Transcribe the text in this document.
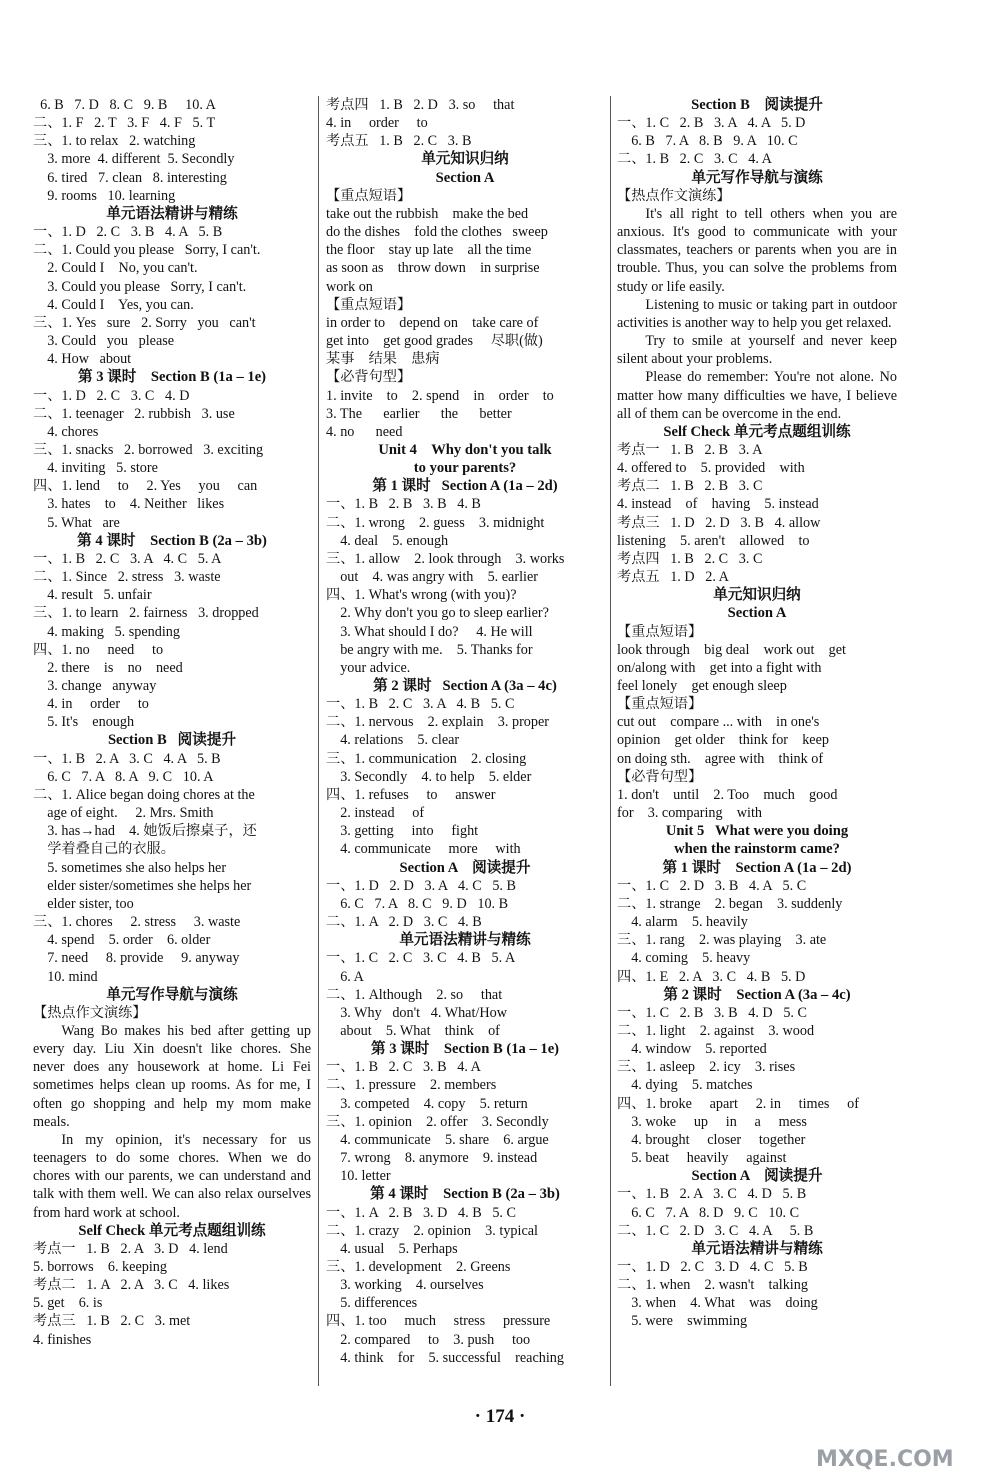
6. B   7. D   8. C   9. B     10. A
二、1. F   2. T   3. F   4. F   5. T
三、1. to relax   2. watching
3. more  4. different  5. Secondly
6. tired   7. clean   8. interesting
9. rooms   10. learning
单元语法精讲与精练
一、1. D   2. C   3. B   4. A   5. B
二、1. Could you please   Sorry, I can't.
2. Could I    No, you can't.
3. Could you please   Sorry, I can't.
4. Could I    Yes, you can.
三、1. Yes   sure   2. Sorry   you   can't
3. Could   you   please
4. How   about
第 3 课时    Section B (1a – 1e)
一、1. D   2. C   3. C   4. D
二、1. teenager   2. rubbish   3. use
4. chores
三、1. snacks   2. borrowed   3. exciting
4. inviting   5. store
四、1. lend     to     2. Yes     you     can
3. hates    to    4. Neither   likes
5. What   are
第 4 课时    Section B (2a – 3b)
一、1. B   2. C   3. A   4. C   5. A
二、1. Since   2. stress   3. waste
4. result   5. unfair
三、1. to learn   2. fairness   3. dropped
4. making   5. spending
四、1. no     need     to
2. there    is    no    need
3. change   anyway
4. in     order     to
5. It's    enough
Section B   阅读提升
一、1. B   2. A   3. C   4. A   5. B
6. C   7. A   8. A   9. C   10. A
二、1. Alice began doing chores at the
age of eight.     2. Mrs. Smith
3. has→had    4. 她饭后擦桌子，还
学着叠自己的衣服。
5. sometimes she also helps her
elder sister/sometimes she helps her
elder sister, too
三、1. chores     2. stress     3. waste
4. spend    5. order    6. older
7. need     8. provide     9. anyway
10. mind
单元写作导航与演练
【热点作文演练】
Wang Bo makes his bed after getting up every day. Liu Xin doesn't like chores. She never does any housework at home. Li Fei sometimes helps clean up rooms. As for me, I often go shopping and help my mom make meals.
In my opinion, it's necessary for us teenagers to do some chores. When we do chores with our parents, we can understand and talk with them well. We can also relax ourselves from hard work at school.
Self Check 单元考点题组训练
考点一   1. B   2. A   3. D   4. lend
5. borrows    6. keeping
考点二   1. A   2. A   3. C   4. likes
5. get    6. is
考点三   1. B   2. C   3. met
4. finishes
考点四   1. B   2. D   3. so     that
4. in     order     to
考点五   1. B   2. C   3. B
单元知识归纳
Section A
【重点短语】
take out the rubbish    make the bed
do the dishes    fold the clothes   sweep
the floor    stay up late    all the time
as soon as    throw down    in surprise
work on
【重点短语】
in order to    depend on    take care of
get into    get good grades     尽职(做)
某事    结果    患病
【必背句型】
1. invite    to    2. spend    in    order    to
3. The      earlier      the      better
4. no      need
Unit 4    Why don't you talk
to your parents?
第 1 课时   Section A (1a – 2d)
一、1. B   2. B   3. B   4. B
二、1. wrong    2. guess    3. midnight
4. deal    5. enough
三、1. allow    2. look through    3. works
out    4. was angry with    5. earlier
四、1. What's wrong (with you)?
2. Why don't you go to sleep earlier?
3. What should I do?     4. He will
be angry with me.    5. Thanks for
your advice.
第 2 课时   Section A (3a – 4c)
一、1. B   2. C   3. A   4. B   5. C
二、1. nervous    2. explain    3. proper
4. relations    5. clear
三、1. communication    2. closing
3. Secondly    4. to help    5. elder
四、1. refuses     to     answer
2. instead     of
3. getting     into     fight
4. communicate     more     with
Section A    阅读提升
一、1. D   2. D   3. A   4. C   5. B
6. C   7. A   8. C   9. D   10. B
二、1. A   2. D   3. C   4. B
单元语法精讲与精练
一、1. C   2. C   3. C   4. B   5. A
6. A
二、1. Although    2. so     that
3. Why   don't   4. What/How
about    5. What    think    of
第 3 课时    Section B (1a – 1e)
一、1. B   2. C   3. B   4. A
二、1. pressure    2. members
3. competed    4. copy    5. return
三、1. opinion    2. offer    3. Secondly
4. communicate    5. share    6. argue
7. wrong    8. anymore    9. instead
10. letter
第 4 课时    Section B (2a – 3b)
一、1. A   2. B   3. D   4. B   5. C
二、1. crazy    2. opinion    3. typical
4. usual    5. Perhaps
三、1. development    2. Greens
3. working    4. ourselves
5. differences
四、1. too     much     stress     pressure
2. compared     to    3. push     too
4. think    for    5. successful    reaching
Section B    阅读提升
一、1. C   2. B   3. A   4. A   5. D
6. B   7. A   8. B   9. A   10. C
二、1. B   2. C   3. C   4. A
单元写作导航与演练
【热点作文演练】
It's all right to tell others when you are anxious. It's good to communicate with your classmates, teachers or parents when you are in trouble. Thus, you can solve the problems from study or life easily.
Listening to music or taking part in outdoor activities is another way to help you get relaxed.
Try to smile at yourself and never keep silent about your problems.
Please do remember: You're not alone. No matter how many difficulties we have, I believe all of them can be overcome in the end.
Self Check 单元考点题组训练
考点一   1. B   2. B   3. A
4. offered to    5. provided    with
考点二   1. B   2. B   3. C
4. instead    of    having    5. instead
考点三   1. D   2. D   3. B   4. allow
listening    5. aren't    allowed    to
考点四   1. B   2. C   3. C
考点五   1. D   2. A
单元知识归纳
Section A
【重点短语】
look through    big deal    work out    get
on/along with    get into a fight with
feel lonely    get enough sleep
【重点短语】
cut out    compare ... with    in one's
opinion    get older    think for    keep
on doing sth.    agree with    think of
【必背句型】
1. don't    until    2. Too    much    good
for    3. comparing    with
Unit 5   What were you doing
when the rainstorm came?
第 1 课时    Section A (1a – 2d)
一、1. C   2. D   3. B   4. A   5. C
二、1. strange    2. began    3. suddenly
4. alarm    5. heavily
三、1. rang    2. was playing    3. ate
4. coming    5. heavy
四、1. E   2. A   3. C   4. B   5. D
第 2 课时    Section A (3a – 4c)
一、1. C   2. B   3. B   4. D   5. C
二、1. light    2. against    3. wood
4. window    5. reported
三、1. asleep    2. icy    3. rises
4. dying    5. matches
四、1. broke     apart     2. in     times     of
3. woke     up     in     a     mess
4. brought     closer     together
5. beat     heavily     against
Section A    阅读提升
一、1. B   2. A   3. C   4. D   5. B
6. C   7. A   8. D   9. C   10. C
二、1. C   2. D   3. C   4. A     5. B
单元语法精讲与精练
一、1. D   2. C   3. D   4. C   5. B
二、1. when    2. wasn't    talking
3. when    4. What    was    doing
5. were    swimming
· 174 ·
MXQE.COM
